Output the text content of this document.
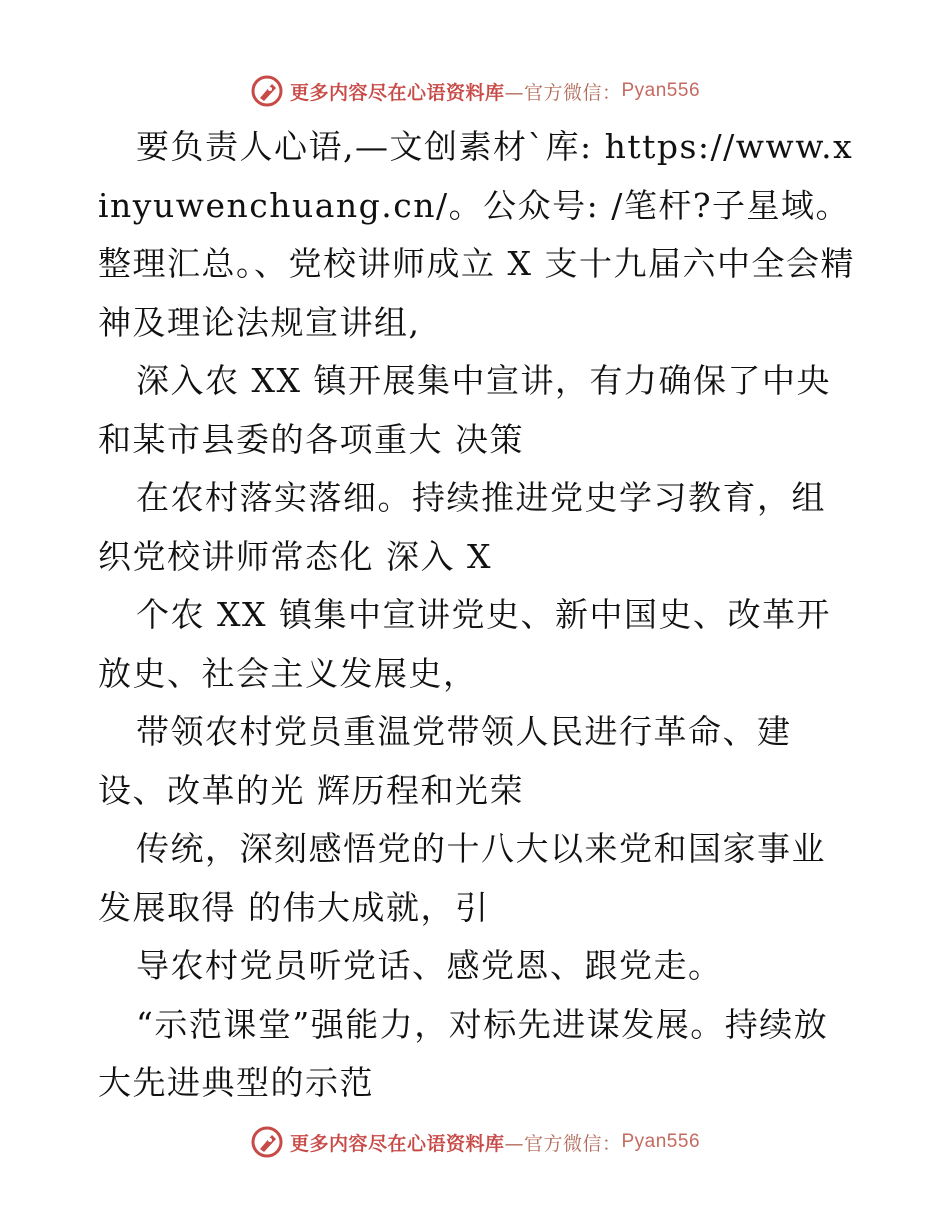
更多内容尽在心语资料库 —官方微信： Pyan556

要负责人心语,—文创素材`库: https://www.xinyuwenchuang.cn/。公众号: /笔杆?子星域。整理汇总。、党校讲师成立 X 支十九届六中全会精神及理论法规宣讲组,

深入农 XX 镇开展集中宣讲，有力确保了中央和某市县委的各项重大 决策

在农村落实落细。持续推进党史学习教育，组织党校讲师常态化 深入 X

个农 XX 镇集中宣讲党史、新中国史、改革开放史、社会主义发展史，

带领农村党员重温党带领人民进行革命、建设、改革的光 辉历程和光荣

传统，深刻感悟党的十八大以来党和国家事业发展取得 的伟大成就，引

导农村党员听党话、感党恩、跟党走。

“示范课堂”强能力，对标先进谋发展。持续放大先进典型的示范

更多内容尽在心语资料库 —官方微信： Pyan556
